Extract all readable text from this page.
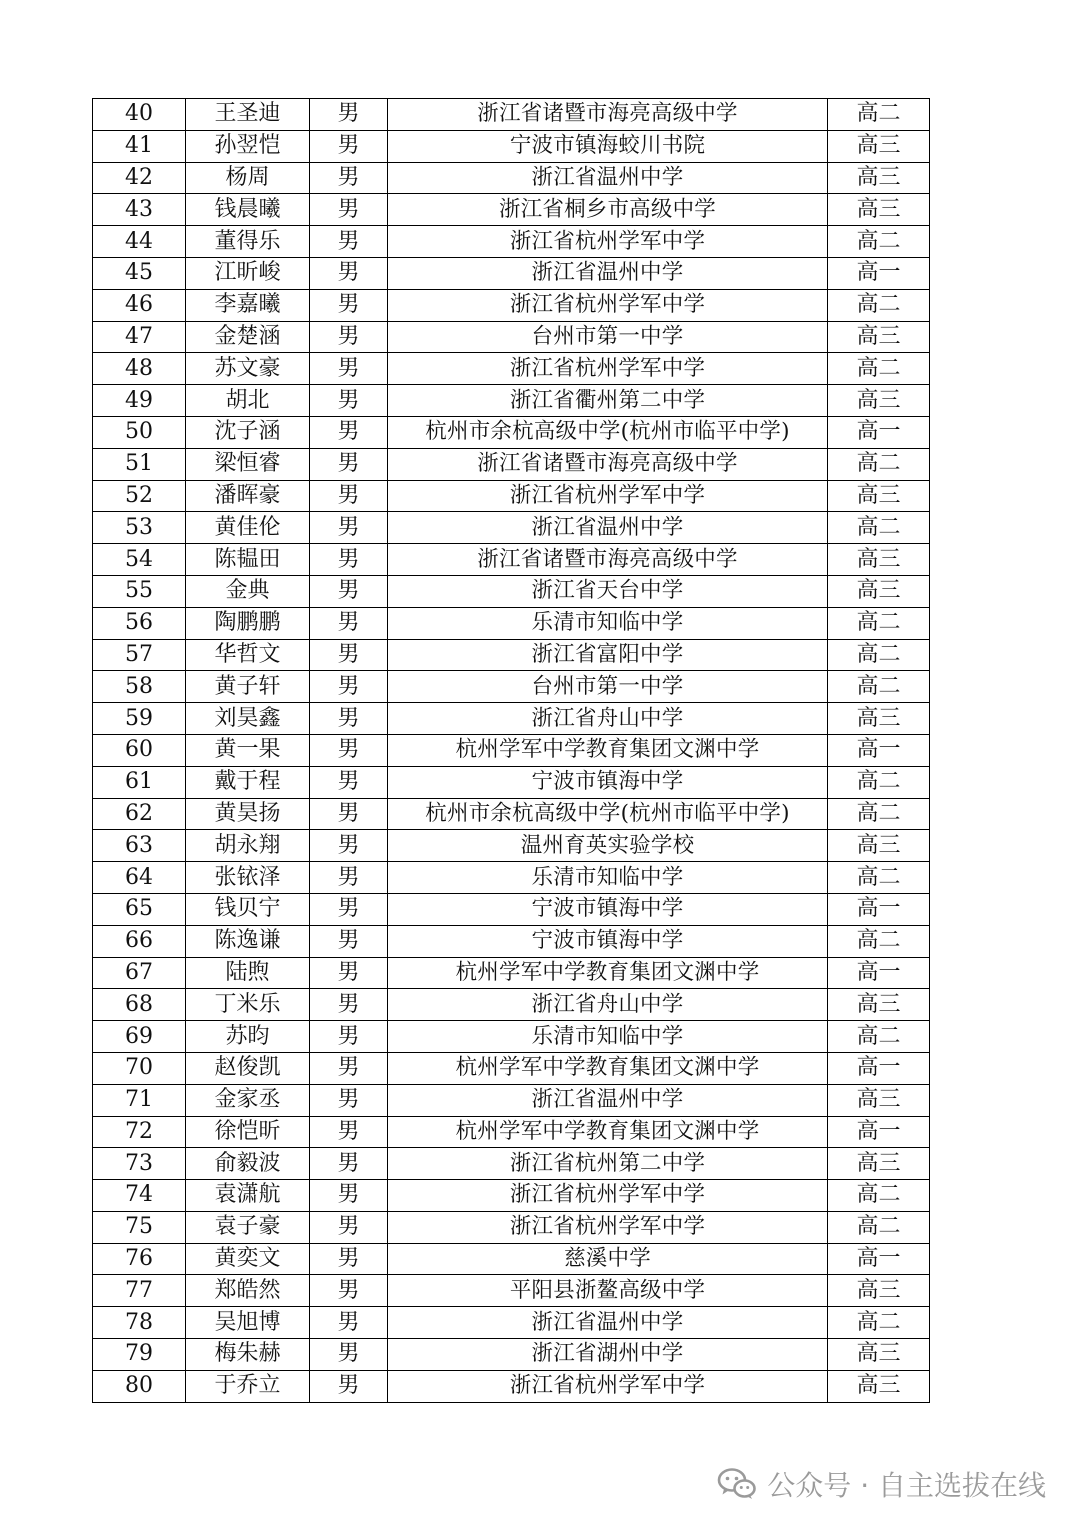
40	王圣迪	男	浙江省诸暨市海亮高级中学	高二
41	孙翌恺	男	宁波市镇海蛟川书院	高三
42	杨周	男	浙江省温州中学	高三
43	钱晨曦	男	浙江省桐乡市高级中学	高三
44	董得乐	男	浙江省杭州学军中学	高二
45	江昕峻	男	浙江省温州中学	高一
46	李嘉曦	男	浙江省杭州学军中学	高二
47	金楚涵	男	台州市第一中学	高三
48	苏文豪	男	浙江省杭州学军中学	高二
49	胡北	男	浙江省衢州第二中学	高三
50	沈子涵	男	杭州市余杭高级中学(杭州市临平中学)	高一
51	梁恒睿	男	浙江省诸暨市海亮高级中学	高二
52	潘晖豪	男	浙江省杭州学军中学	高三
53	黄佳伦	男	浙江省温州中学	高二
54	陈韫田	男	浙江省诸暨市海亮高级中学	高三
55	金典	男	浙江省天台中学	高三
56	陶鹏鹏	男	乐清市知临中学	高二
57	华哲文	男	浙江省富阳中学	高二
58	黄子轩	男	台州市第一中学	高二
59	刘昊鑫	男	浙江省舟山中学	高三
60	黄一果	男	杭州学军中学教育集团文渊中学	高一
61	戴于程	男	宁波市镇海中学	高二
62	黄昊扬	男	杭州市余杭高级中学(杭州市临平中学)	高二
63	胡永翔	男	温州育英实验学校	高三
64	张铱泽	男	乐清市知临中学	高二
65	钱贝宁	男	宁波市镇海中学	高一
66	陈逸谦	男	宁波市镇海中学	高二
67	陆煦	男	杭州学军中学教育集团文渊中学	高一
68	丁米乐	男	浙江省舟山中学	高三
69	苏昀	男	乐清市知临中学	高二
70	赵俊凯	男	杭州学军中学教育集团文渊中学	高一
71	金家丞	男	浙江省温州中学	高三
72	徐恺昕	男	杭州学军中学教育集团文渊中学	高一
73	俞毅波	男	浙江省杭州第二中学	高三
74	袁潇航	男	浙江省杭州学军中学	高二
75	袁子豪	男	浙江省杭州学军中学	高二
76	黄奕文	男	慈溪中学	高一
77	郑皓然	男	平阳县浙鳌高级中学	高三
78	吴旭博	男	浙江省温州中学	高二
79	梅朱赫	男	浙江省湖州中学	高三
80	于乔立	男	浙江省杭州学军中学	高三
公众号 · 自主选拔在线
